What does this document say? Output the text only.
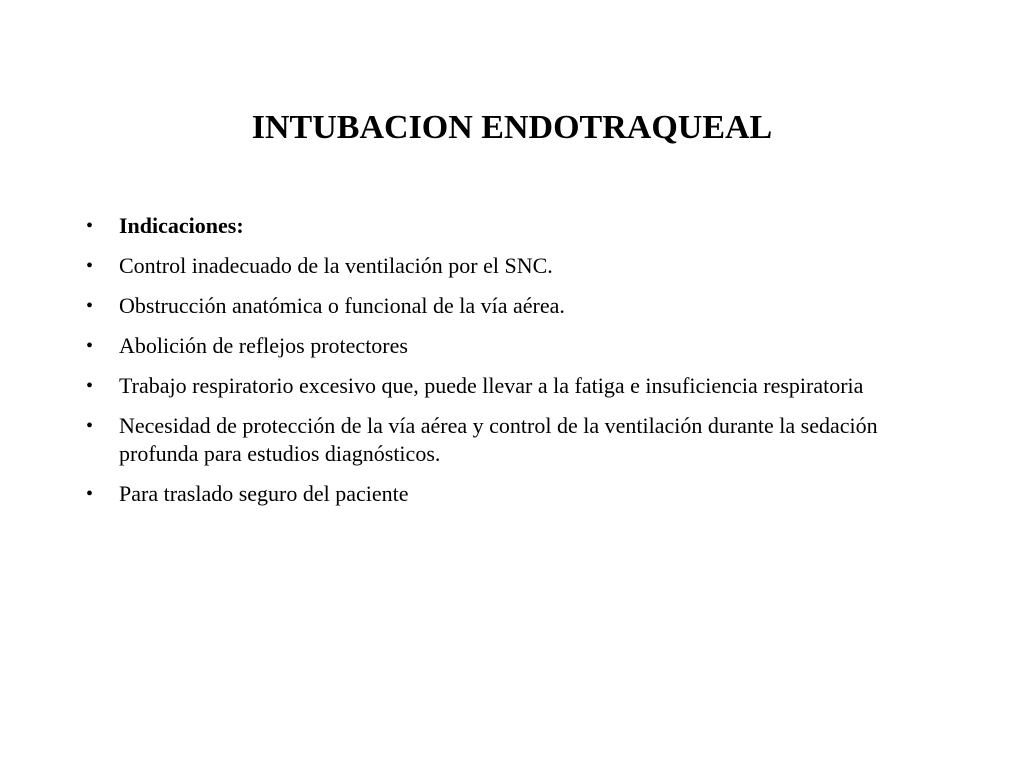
INTUBACION ENDOTRAQUEAL
•	Indicaciones:
•	Control inadecuado de la ventilación por el SNC.
•	Obstrucción anatómica o funcional de la vía aérea.
•	Abolición de reflejos protectores
•	Trabajo respiratorio excesivo que, puede llevar a la fatiga e insuficiencia respiratoria
•	Necesidad de protección de la vía aérea y control de la ventilación durante la sedación profunda para estudios diagnósticos.
•	Para traslado seguro del paciente
